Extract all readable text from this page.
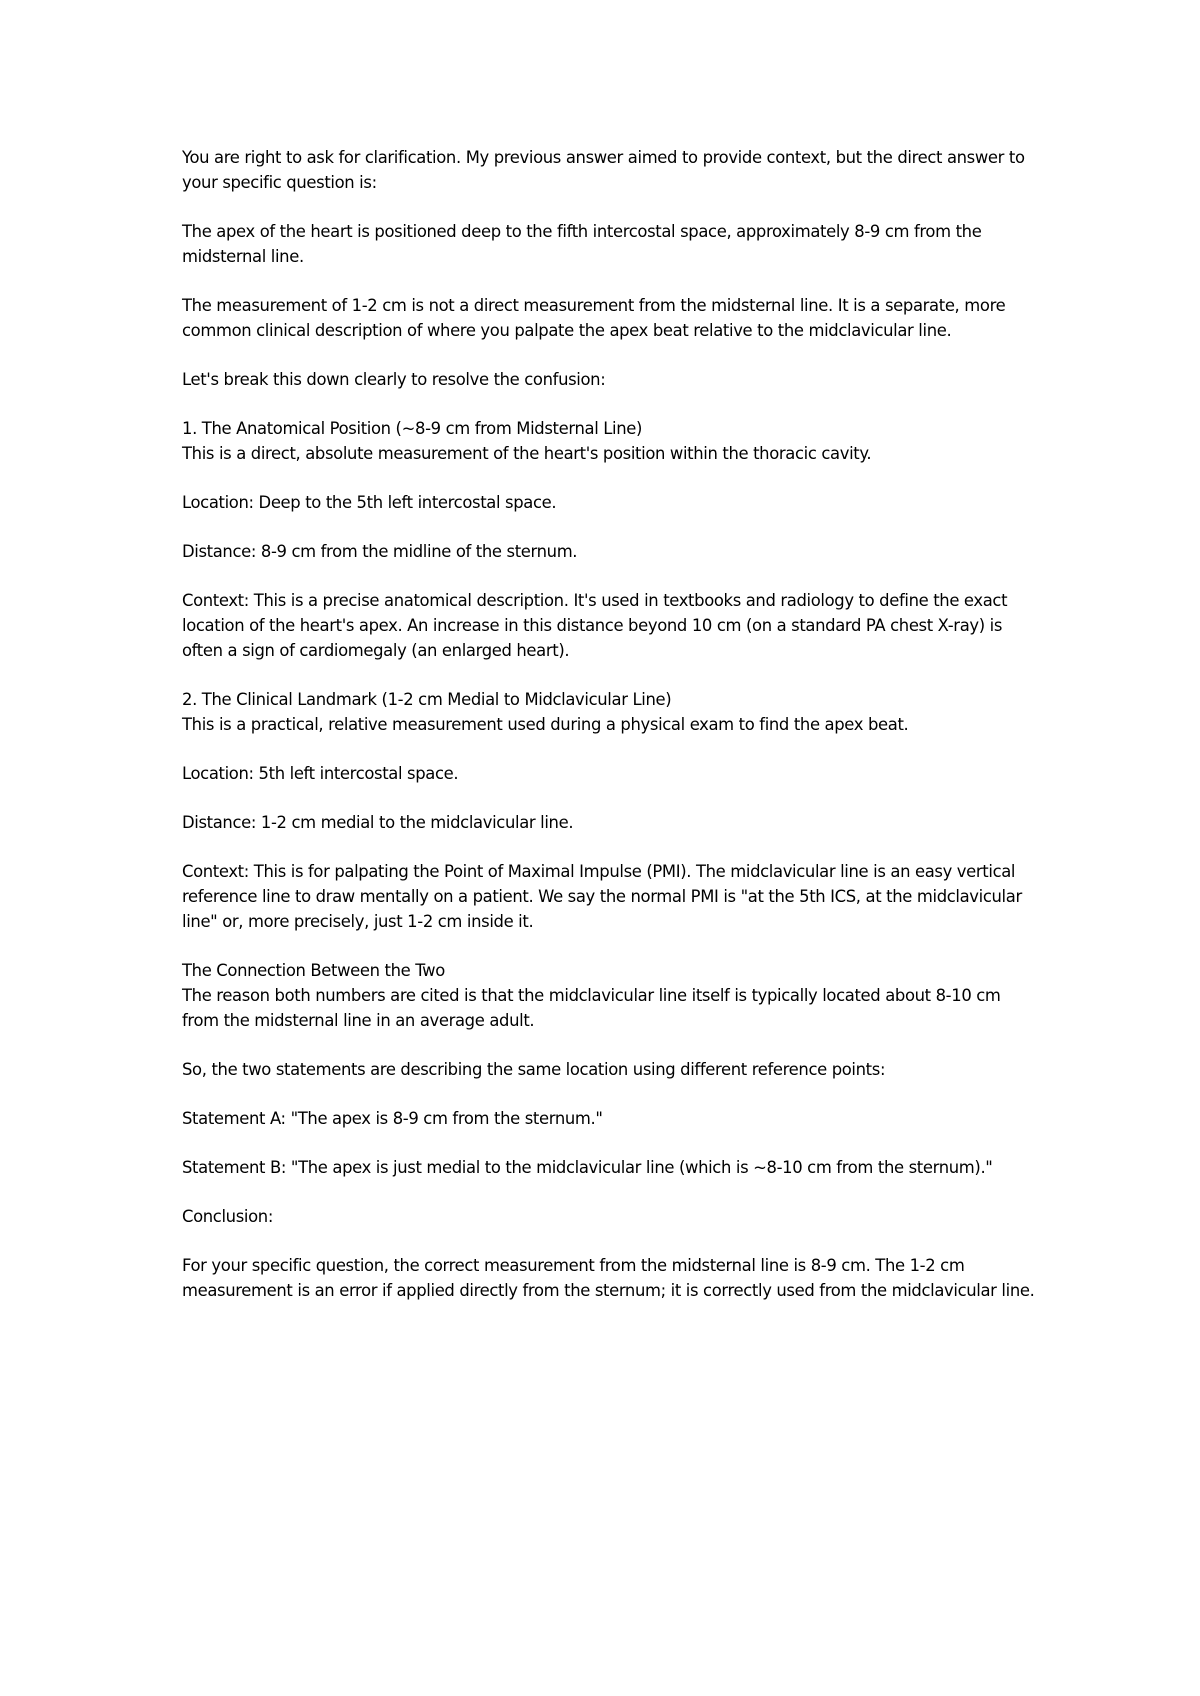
You are right to ask for clarification. My previous answer aimed to provide context, but the direct answer to your specific question is:

The apex of the heart is positioned deep to the fifth intercostal space, approximately 8-9 cm from the midsternal line.

The measurement of 1-2 cm is not a direct measurement from the midsternal line. It is a separate, more common clinical description of where you palpate the apex beat relative to the midclavicular line.

Let's break this down clearly to resolve the confusion:

1. The Anatomical Position (~8-9 cm from Midsternal Line)

This is a direct, absolute measurement of the heart's position within the thoracic cavity.

Location: Deep to the 5th left intercostal space.

Distance: 8-9 cm from the midline of the sternum.

Context: This is a precise anatomical description. It's used in textbooks and radiology to define the exact location of the heart's apex. An increase in this distance beyond 10 cm (on a standard PA chest X-ray) is often a sign of cardiomegaly (an enlarged heart).

2. The Clinical Landmark (1-2 cm Medial to Midclavicular Line)

This is a practical, relative measurement used during a physical exam to find the apex beat.

Location: 5th left intercostal space.

Distance: 1-2 cm medial to the midclavicular line.

Context: This is for palpating the Point of Maximal Impulse (PMI). The midclavicular line is an easy vertical reference line to draw mentally on a patient. We say the normal PMI is "at the 5th ICS, at the midclavicular line" or, more precisely, just 1-2 cm inside it.

The Connection Between the Two

The reason both numbers are cited is that the midclavicular line itself is typically located about 8-10 cm from the midsternal line in an average adult.

So, the two statements are describing the same location using different reference points:

Statement A: "The apex is 8-9 cm from the sternum."

Statement B: "The apex is just medial to the midclavicular line (which is ~8-10 cm from the sternum)."

Conclusion:

For your specific question, the correct measurement from the midsternal line is 8-9 cm. The 1-2 cm measurement is an error if applied directly from the sternum; it is correctly used from the midclavicular line.
